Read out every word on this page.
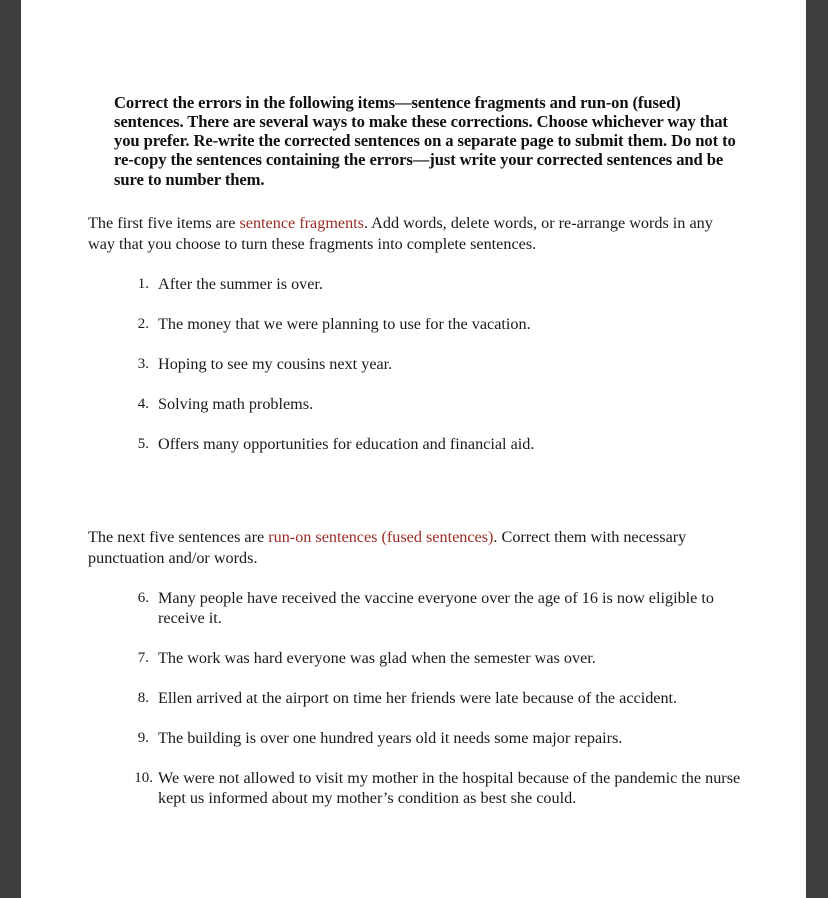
Correct the errors in the following items—sentence fragments and run-on (fused) sentences. There are several ways to make these corrections. Choose whichever way that you prefer. Re-write the corrected sentences on a separate page to submit them. Do not to re-copy the sentences containing the errors—just write your corrected sentences and be sure to number them.

The first five items are sentence fragments. Add words, delete words, or re-arrange words in any way that you choose to turn these fragments into complete sentences.

1. After the summer is over.
2. The money that we were planning to use for the vacation.
3. Hoping to see my cousins next year.
4. Solving math problems.
5. Offers many opportunities for education and financial aid.

The next five sentences are run-on sentences (fused sentences). Correct them with necessary punctuation and/or words.

6. Many people have received the vaccine everyone over the age of 16 is now eligible to receive it.
7. The work was hard everyone was glad when the semester was over.
8. Ellen arrived at the airport on time her friends were late because of the accident.
9. The building is over one hundred years old it needs some major repairs.
10. We were not allowed to visit my mother in the hospital because of the pandemic the nurse kept us informed about my mother’s condition as best she could.
